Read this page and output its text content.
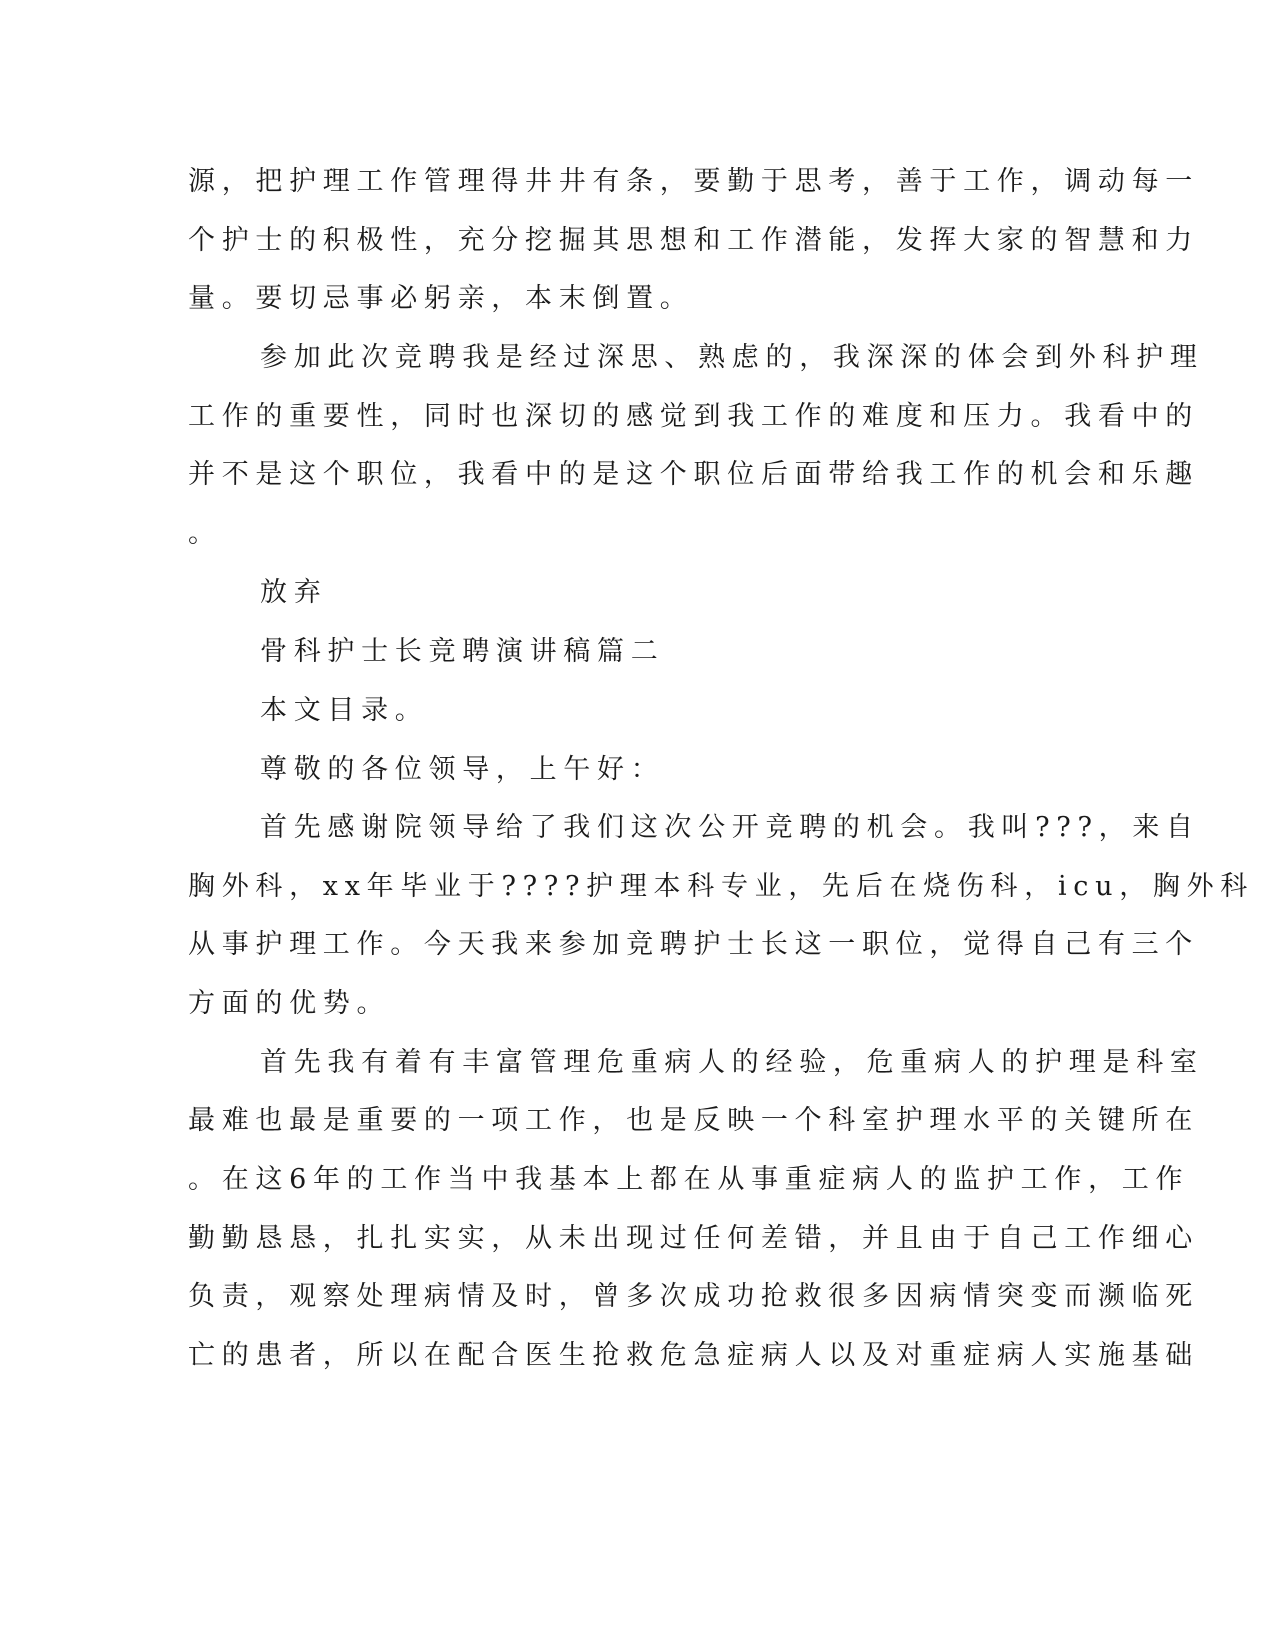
源，把护理工作管理得井井有条，要勤于思考，善于工作，调动每一
个护士的积极性，充分挖掘其思想和工作潜能，发挥大家的智慧和力
量。要切忌事必躬亲，本末倒置。
参加此次竞聘我是经过深思、熟虑的，我深深的体会到外科护理
工作的重要性，同时也深切的感觉到我工作的难度和压力。我看中的
并不是这个职位，我看中的是这个职位后面带给我工作的机会和乐趣
。
放弃
骨科护士长竞聘演讲稿篇二
本文目录。
尊敬的各位领导，上午好：
首先感谢院领导给了我们这次公开竞聘的机会。我叫???，来自
胸外科，xx年毕业于????护理本科专业，先后在烧伤科，icu，胸外科
从事护理工作。今天我来参加竞聘护士长这一职位，觉得自己有三个
方面的优势。
首先我有着有丰富管理危重病人的经验，危重病人的护理是科室
最难也最是重要的一项工作，也是反映一个科室护理水平的关键所在
。在这6年的工作当中我基本上都在从事重症病人的监护工作，工作
勤勤恳恳，扎扎实实，从未出现过任何差错，并且由于自己工作细心
负责，观察处理病情及时，曾多次成功抢救很多因病情突变而濒临死
亡的患者，所以在配合医生抢救危急症病人以及对重症病人实施基础
